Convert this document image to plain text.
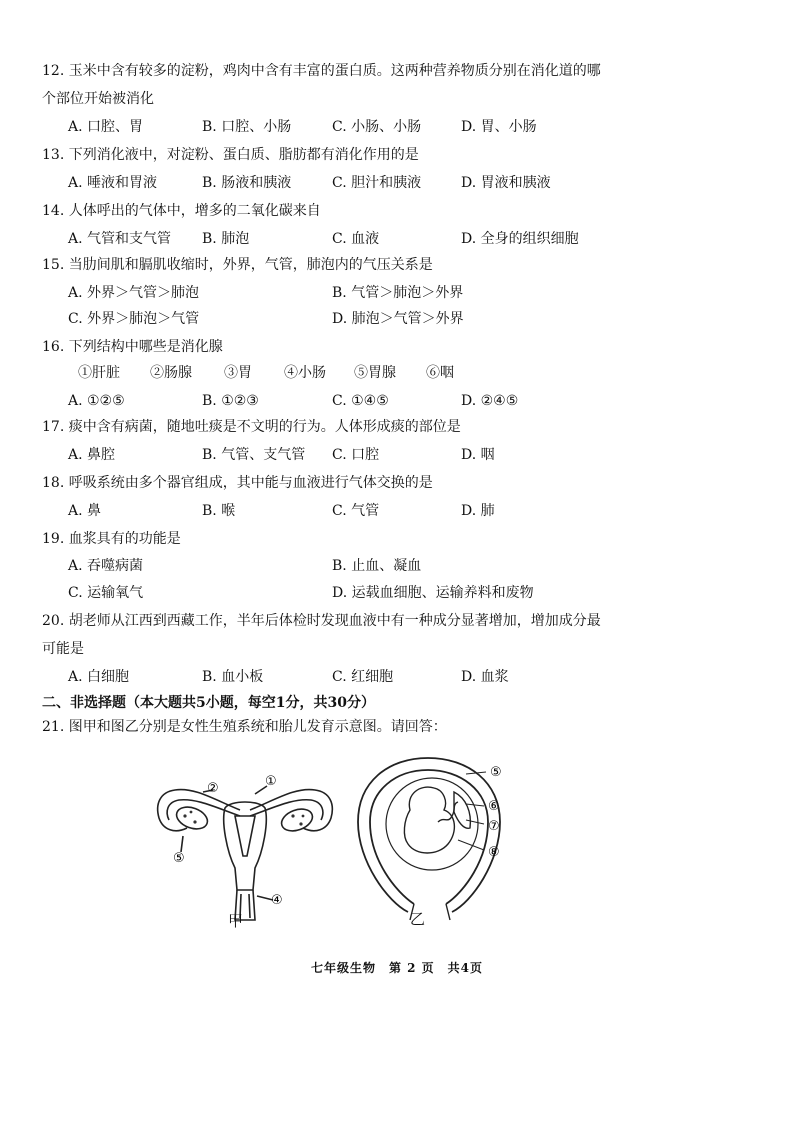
12. 玉米中含有较多的淀粉，鸡肉中含有丰富的蛋白质。这两种营养物质分别在消化道的哪
个部位开始被消化
A. 口腔、胃	B. 口腔、小肠	C. 小肠、小肠	D. 胃、小肠
13. 下列消化液中，对淀粉、蛋白质、脂肪都有消化作用的是
A. 唾液和胃液	B. 肠液和胰液	C. 胆汁和胰液	D. 胃液和胰液
14. 人体呼出的气体中，增多的二氧化碳来自
A. 气管和支气管 B. 肺泡	C. 血液	D. 全身的组织细胞
15. 当肋间肌和膈肌收缩时，外界，气管，肺泡内的气压关系是
A. 外界＞气管＞肺泡	B. 气管＞肺泡＞外界
C. 外界＞肺泡＞气管	D. 肺泡＞气管＞外界
16. 下列结构中哪些是消化腺
①肝脏 ②肠腺 ③胃 ④小肠 ⑤胃腺 ⑥咽
A. ①②⑤	B. ①②③	C. ①④⑤	D. ②④⑤
17. 痰中含有病菌，随地吐痰是不文明的行为。人体形成痰的部位是
A. 鼻腔	B. 气管、支气管 C. 口腔	D. 咽
18. 呼吸系统由多个器官组成，其中能与血液进行气体交换的是
A. 鼻	B. 喉	C. 气管	D. 肺
19. 血浆具有的功能是
A. 吞噬病菌	B. 止血、凝血
C. 运输氧气	D. 运载血细胞、运输养料和废物
20. 胡老师从江西到西藏工作，半年后体检时发现血液中有一种成分显著增加，增加成分最
可能是
A. 白细胞	B. 血小板	C. 红细胞	D. 血浆
二、非选择题（本大题共5小题，每空1分，共30分）
21. 图甲和图乙分别是女性生殖系统和胎儿发育示意图。请回答：
①
②
④
⑤
甲
⑤
⑥
⑦
⑧
乙
七年级生物　第 2 页　共4页
